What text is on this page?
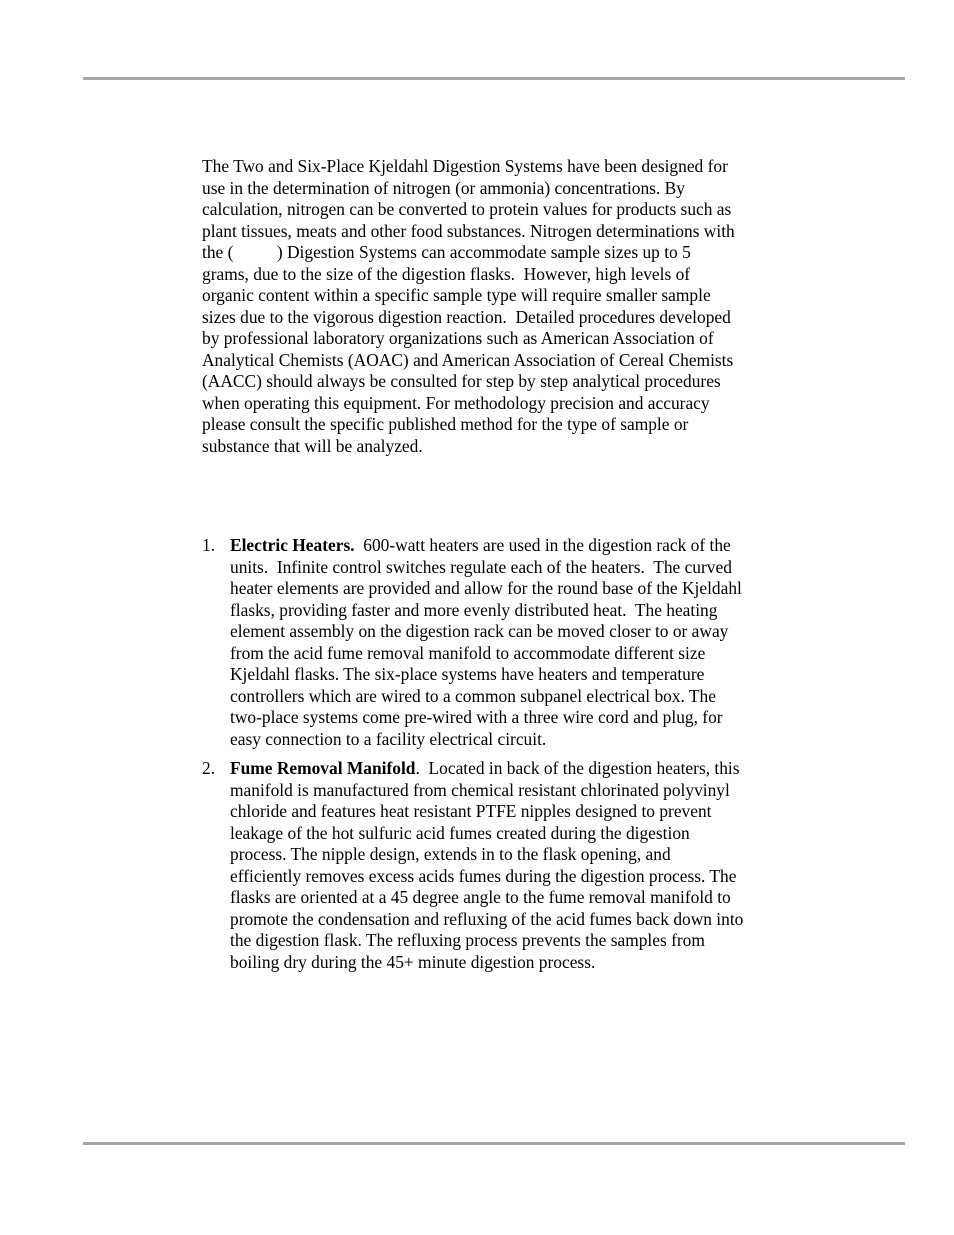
The Two and Six-Place Kjeldahl Digestion Systems have been designed for
use in the determination of nitrogen (or ammonia) concentrations. By
calculation, nitrogen can be converted to protein values for products such as
plant tissues, meats and other food substances. Nitrogen determinations with
the (          ) Digestion Systems can accommodate sample sizes up to 5
grams, due to the size of the digestion flasks.  However, high levels of
organic content within a specific sample type will require smaller sample
sizes due to the vigorous digestion reaction.  Detailed procedures developed
by professional laboratory organizations such as American Association of
Analytical Chemists (AOAC) and American Association of Cereal Chemists
(AACC) should always be consulted for step by step analytical procedures
when operating this equipment. For methodology precision and accuracy
please consult the specific published method for the type of sample or
substance that will be analyzed.
1. Electric Heaters.  600-watt heaters are used in the digestion rack of the
units.  Infinite control switches regulate each of the heaters.  The curved
heater elements are provided and allow for the round base of the Kjeldahl
flasks, providing faster and more evenly distributed heat.  The heating
element assembly on the digestion rack can be moved closer to or away
from the acid fume removal manifold to accommodate different size
Kjeldahl flasks. The six-place systems have heaters and temperature
controllers which are wired to a common subpanel electrical box. The
two-place systems come pre-wired with a three wire cord and plug, for
easy connection to a facility electrical circuit.
2. Fume Removal Manifold.  Located in back of the digestion heaters, this
manifold is manufactured from chemical resistant chlorinated polyvinyl
chloride and features heat resistant PTFE nipples designed to prevent
leakage of the hot sulfuric acid fumes created during the digestion
process. The nipple design, extends in to the flask opening, and
efficiently removes excess acids fumes during the digestion process. The
flasks are oriented at a 45 degree angle to the fume removal manifold to
promote the condensation and refluxing of the acid fumes back down into
the digestion flask. The refluxing process prevents the samples from
boiling dry during the 45+ minute digestion process.
